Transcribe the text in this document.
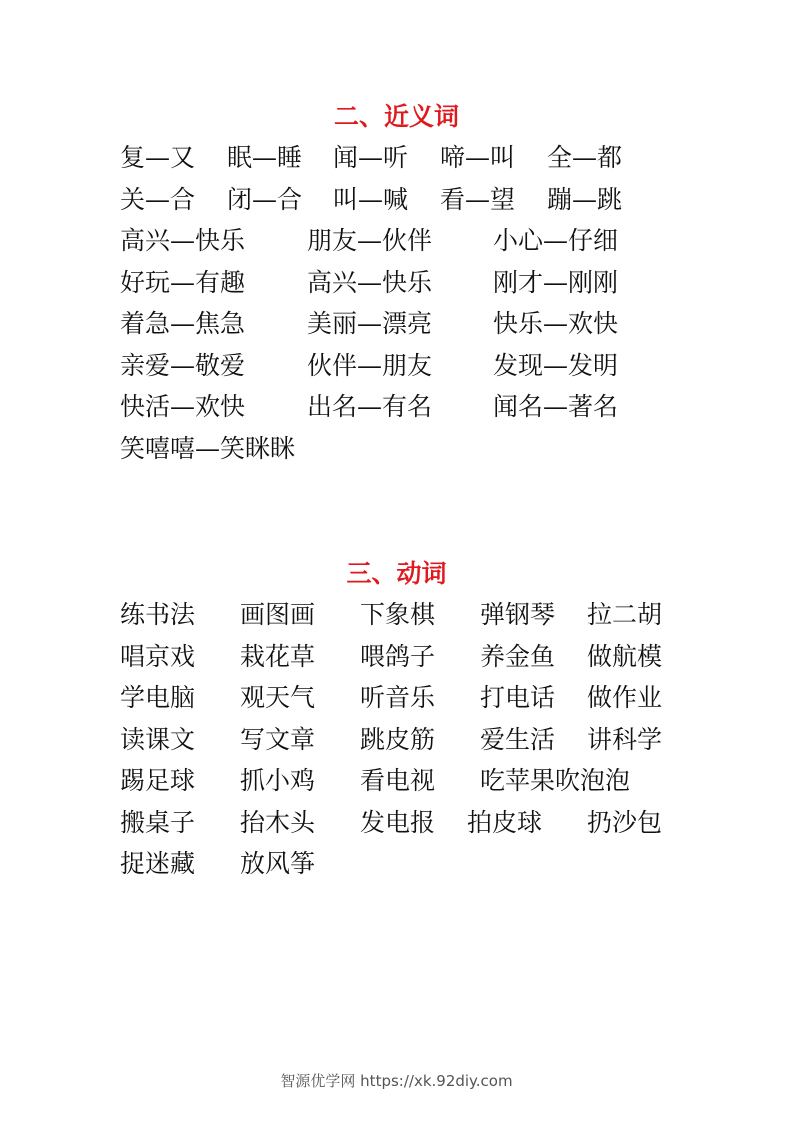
二、近义词
复—又 眠—睡 闻—听 啼—叫 全—都
关—合 闭—合 叫—喊 看—望 蹦—跳
高兴—快乐 朋友—伙伴 小心—仔细
好玩—有趣 高兴—快乐 刚才—刚刚
着急—焦急 美丽—漂亮 快乐—欢快
亲爱—敬爱 伙伴—朋友 发现—发明
快活—欢快 出名—有名 闻名—著名
笑嘻嘻—笑眯眯
三、动词
练书法 画图画 下象棋 弹钢琴 拉二胡
唱京戏 栽花草 喂鸽子 养金鱼 做航模
学电脑 观天气 听音乐 打电话 做作业
读课文 写文章 跳皮筋 爱生活 讲科学
踢足球 抓小鸡 看电视 吃苹果吹泡泡
搬桌子 抬木头 发电报 拍皮球 扔沙包
捉迷藏 放风筝
智源优学网 https://xk.92diy.com
